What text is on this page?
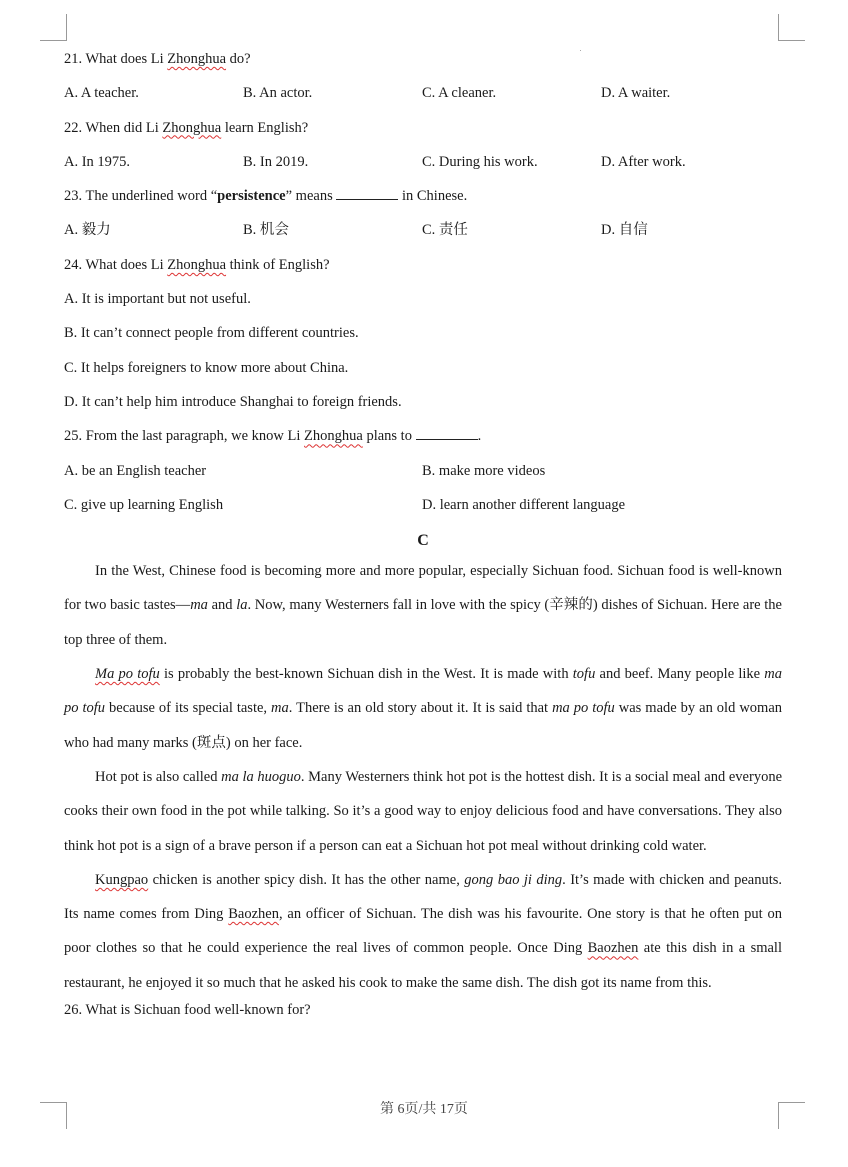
21. What does Li Zhonghua do?
A. A teacher.	B. An actor.	C. A cleaner.	D. A waiter.
22. When did Li Zhonghua learn English?
A. In 1975.	B. In 2019.	C. During his work.	D. After work.
23. The underlined word “persistence” means	in Chinese.
A. 毅力	B. 机会	C. 责任	D. 自信
24. What does Li Zhonghua think of English?
A. It is important but not useful.
B. It can’t connect people from different countries.
C. It helps foreigners to know more about China.
D. It can’t help him introduce Shanghai to foreign friends.
25. From the last paragraph, we know Li Zhonghua plans to	.
A. be an English teacher	B. make more videos
C. give up learning English	D. learn another different language
C

In the West, Chinese food is becoming more and more popular, especially Sichuan food. Sichuan food is well-known for two basic tastes—ma and la. Now, many Westerners fall in love with the spicy (辛辣的) dishes of Sichuan. Here are the top three of them.

Ma po tofu is probably the best-known Sichuan dish in the West. It is made with tofu and beef. Many people like ma po tofu because of its special taste, ma. There is an old story about it. It is said that ma po tofu was made by an old woman who had many marks (斑点) on her face.

Hot pot is also called ma la huoguo. Many Westerners think hot pot is the hottest dish. It is a social meal and everyone cooks their own food in the pot while talking. So it’s a good way to enjoy delicious food and have conversations. They also think hot pot is a sign of a brave person if a person can eat a Sichuan hot pot meal without drinking cold water.

Kungpao chicken is another spicy dish. It has the other name, gong bao ji ding. It’s made with chicken and peanuts. Its name comes from Ding Baozhen, an officer of Sichuan. The dish was his favourite. One story is that he often put on poor clothes so that he could experience the real lives of common people. Once Ding Baozhen ate this dish in a small restaurant, he enjoyed it so much that he asked his cook to make the same dish. The dish got its name from this.

26. What is Sichuan food well-known for?
第 6页/共 17页
